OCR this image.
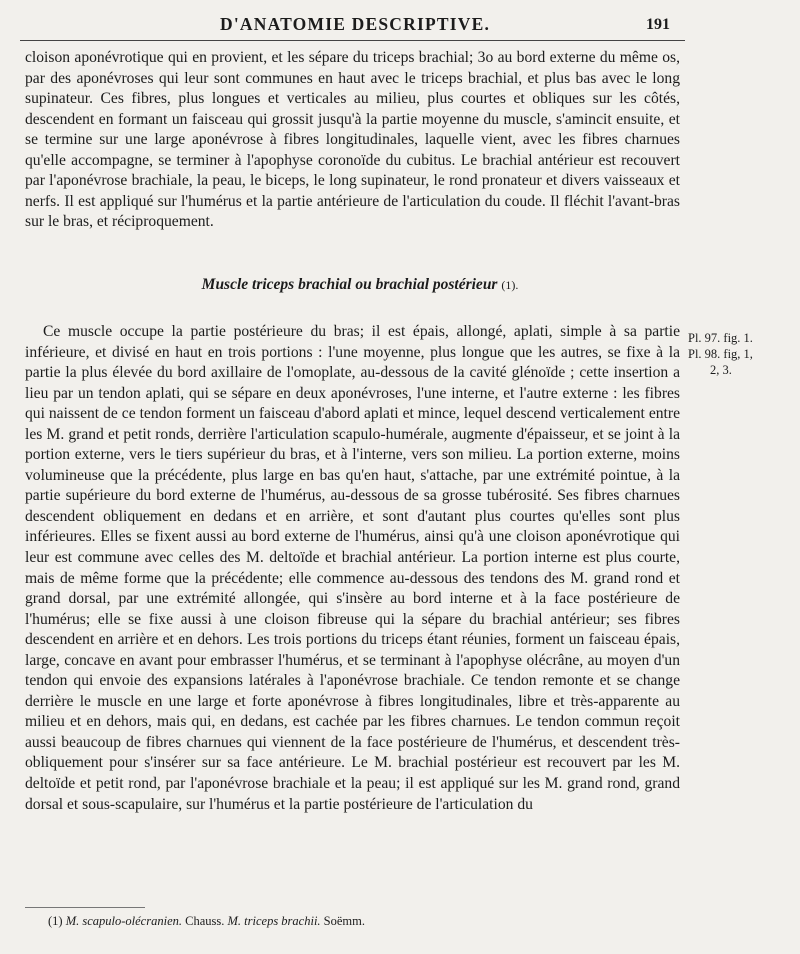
D'ANATOMIE DESCRIPTIVE.	191

cloison aponévrotique qui en provient, et les sépare du triceps brachial; 3o au bord externe du même os, par des aponévroses qui leur sont communes en haut avec le triceps brachial, et plus bas avec le long supinateur. Ces fibres, plus longues et verticales au milieu, plus courtes et obliques sur les côtés, descendent en formant un faisceau qui grossit jusqu'à la partie moyenne du muscle, s'amincit ensuite, et se termine sur une large aponévrose à fibres longitudinales, laquelle vient, avec les fibres charnues qu'elle accompagne, se terminer à l'apophyse coronoïde du cubitus. Le brachial antérieur est recouvert par l'aponévrose brachiale, la peau, le biceps, le long supinateur, le rond pronateur et divers vaisseaux et nerfs. Il est appliqué sur l'humérus et la partie antérieure de l'articulation du coude. Il fléchit l'avant-bras sur le bras, et réciproquement.

Muscle triceps brachial ou brachial postérieur (1).

Ce muscle occupe la partie postérieure du bras; il est épais, allongé, aplati, simple à sa partie inférieure, et divisé en haut en trois portions : l'une moyenne, plus longue que les autres, se fixe à la partie la plus élevée du bord axillaire de l'omoplate, au-dessous de la cavité glénoïde ; cette insertion a lieu par un tendon aplati, qui se sépare en deux aponévroses, l'une interne, et l'autre externe : les fibres qui naissent de ce tendon forment un faisceau d'abord aplati et mince, lequel descend verticalement entre les M. grand et petit ronds, derrière l'articulation scapulo-humérale, augmente d'épaisseur, et se joint à la portion externe, vers le tiers supérieur du bras, et à l'interne, vers son milieu. La portion externe, moins volumineuse que la précédente, plus large en bas qu'en haut, s'attache, par une extrémité pointue, à la partie supérieure du bord externe de l'humérus, au-dessous de sa grosse tubérosité. Ses fibres charnues descendent obliquement en dedans et en arrière, et sont d'autant plus courtes qu'elles sont plus inférieures. Elles se fixent aussi au bord externe de l'humérus, ainsi qu'à une cloison aponévrotique qui leur est commune avec celles des M. deltoïde et brachial antérieur. La portion interne est plus courte, mais de même forme que la précédente; elle commence au-dessous des tendons des M. grand rond et grand dorsal, par une extrémité allongée, qui s'insère au bord interne et à la face postérieure de l'humérus; elle se fixe aussi à une cloison fibreuse qui la sépare du brachial antérieur; ses fibres descendent en arrière et en dehors. Les trois portions du triceps étant réunies, forment un faisceau épais, large, concave en avant pour embrasser l'humérus, et se terminant à l'apophyse olécrâne, au moyen d'un tendon qui envoie des expansions latérales à l'aponévrose brachiale. Ce tendon remonte et se change derrière le muscle en une large et forte aponévrose à fibres longitudinales, libre et très-apparente au milieu et en dehors, mais qui, en dedans, est cachée par les fibres charnues. Le tendon commun reçoit aussi beaucoup de fibres charnues qui viennent de la face postérieure de l'humérus, et descendent très-obliquement pour s'insérer sur sa face antérieure. Le M. brachial postérieur est recouvert par les M. deltoïde et petit rond, par l'aponévrose brachiale et la peau; il est appliqué sur les M. grand rond, grand dorsal et sous-scapulaire, sur l'humérus et la partie postérieure de l'articulation du

Pl. 97. fig. 1.
Pl. 98. fig, 1,
2, 3.
(1) M. scapulo-olécranien. Chauss. M. triceps brachii. Soëmm.
